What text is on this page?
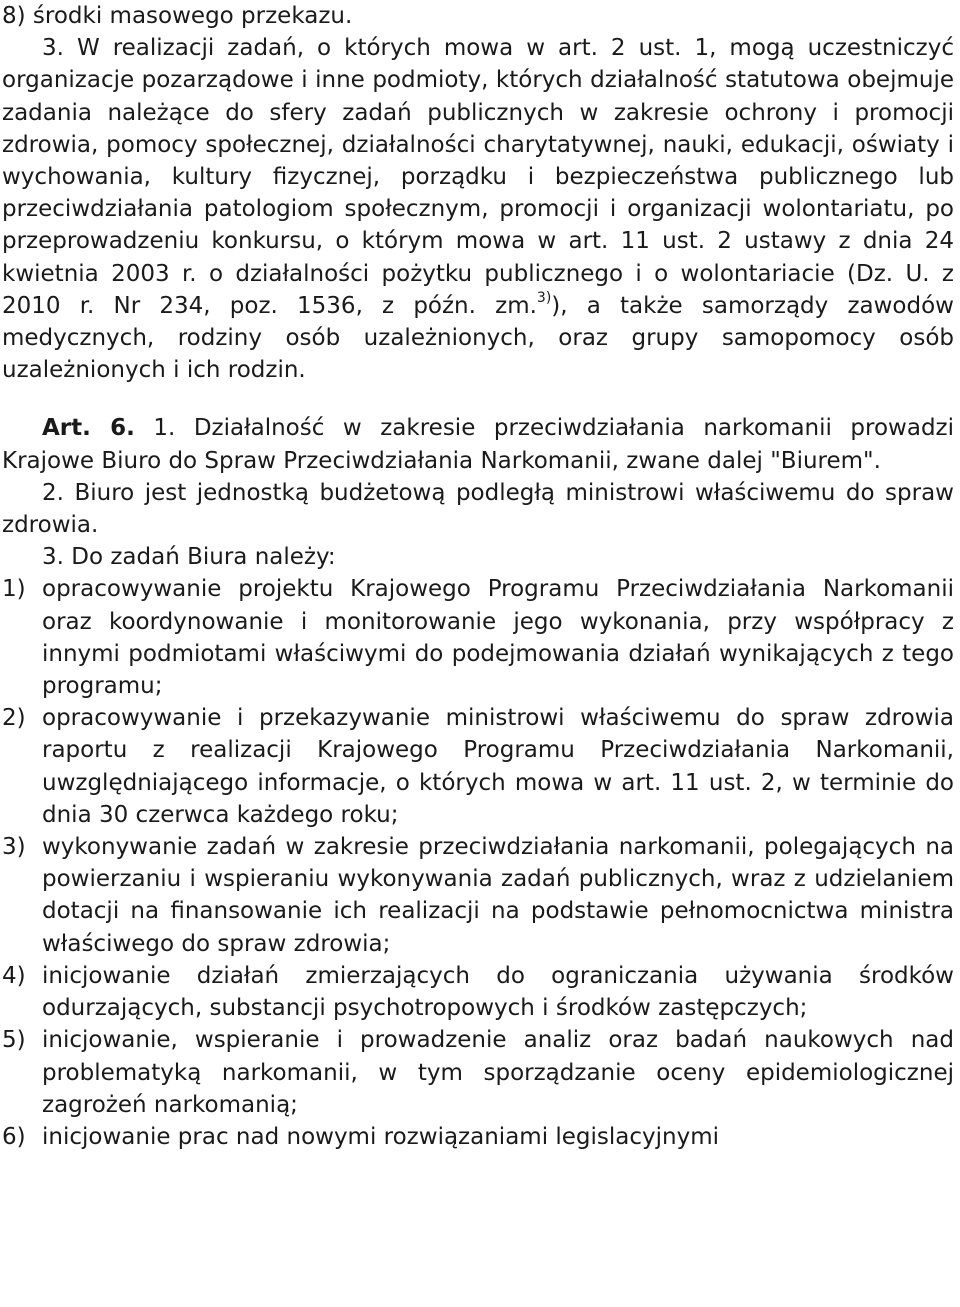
8) środki masowego przekazu.

3. W realizacji zadań, o których mowa w art. 2 ust. 1, mogą uczestniczyć organizacje pozarządowe i inne podmioty, których działalność statutowa obejmuje zadania należące do sfery zadań publicznych w zakresie ochrony i promocji zdrowia, pomocy społecznej, działalności charytatywnej, nauki, edukacji, oświaty i wychowania, kultury fizycznej, porządku i bezpieczeństwa publicznego lub przeciwdziałania patologiom społecznym, promocji i organizacji wolontariatu, po przeprowadzeniu konkursu, o którym mowa w art. 11 ust. 2 ustawy z dnia 24 kwietnia 2003 r. o działalności pożytku publicznego i o wolontariacie (Dz. U. z 2010 r. Nr 234, poz. 1536, z późn. zm.$^{3)}$), a także samorządy zawodów medycznych, rodziny osób uzależnionych, oraz grupy samopomocy osób uzależnionych i ich rodzin.

Art. 6. 1. Działalność w zakresie przeciwdziałania narkomanii prowadzi Krajowe Biuro do Spraw Przeciwdziałania Narkomanii, zwane dalej "Biurem".

2. Biuro jest jednostką budżetową podległą ministrowi właściwemu do spraw zdrowia.

3. Do zadań Biura należy:

1) opracowywanie projektu Krajowego Programu Przeciwdziałania Narkomanii oraz koordynowanie i monitorowanie jego wykonania, przy współpracy z innymi podmiotami właściwymi do podejmowania działań wynikających z tego programu;
2) opracowywanie i przekazywanie ministrowi właściwemu do spraw zdrowia raportu z realizacji Krajowego Programu Przeciwdziałania Narkomanii, uwzględniającego informacje, o których mowa w art. 11 ust. 2, w terminie do dnia 30 czerwca każdego roku;
3) wykonywanie zadań w zakresie przeciwdziałania narkomanii, polegających na powierzaniu i wspieraniu wykonywania zadań publicznych, wraz z udzielaniem dotacji na finansowanie ich realizacji na podstawie pełnomocnictwa ministra właściwego do spraw zdrowia;
4) inicjowanie działań zmierzających do ograniczania używania środków odurzających, substancji psychotropowych i środków zastępczych;
5) inicjowanie, wspieranie i prowadzenie analiz oraz badań naukowych nad problematyką narkomanii, w tym sporządzanie oceny epidemiologicznej zagrożeń narkomanią;
6) inicjowanie prac nad nowymi rozwiązaniami legislacyjnymi
